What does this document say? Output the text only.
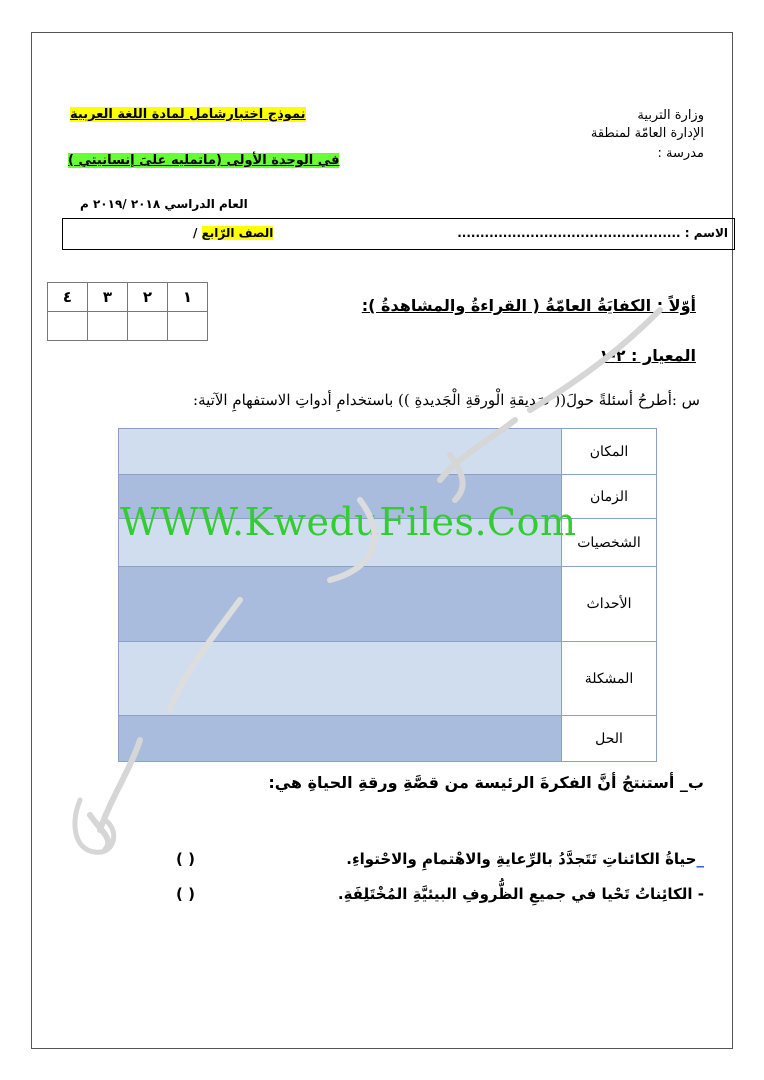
وزارة التربية
الإدارة العامّة لمنطقة
مدرسة :
نموذج اختبارشامل لمادة اللغة العربية
في الوحدة الأولى (ماتمليه علىَ إنسانيتي )
العام الدراسي ٢٠١٨ /٢٠١٩ م
الاسم : .................................................
الصف الرّابع /
١	٢	٣	٤
				أوّلاً : الكفايَةُ العامّةُ ( القراءةُ والمشاهدةُ ):
المعيار : ٢-١
س :أطرحُ أسئلةً حولَ(( صَديقةِ الْورقةِ الْجَديدةِ )) باستخدامِ أدواتِ الاستفهامِ الآتية:
المكان	
الزمان	
الشخصيات	
الأحداث	
المشكلة	
الحل	
WWW.KweduFiles.Com
ب_ أستنتجُ أنَّ الفكرةَ الرئيسة من قصَّةِ ورقةِ الحياةِ هي:
_حياةُ الكائناتِ تَتَجدَّدُ بالرِّعايةِ والاهْتمامِ والاحْتواءِ.
( )
- الكائِناتُ تَحْيا في جميعِ الظُّروفِ البيئيَّةِ المُخْتَلِفَةِ.
( )
